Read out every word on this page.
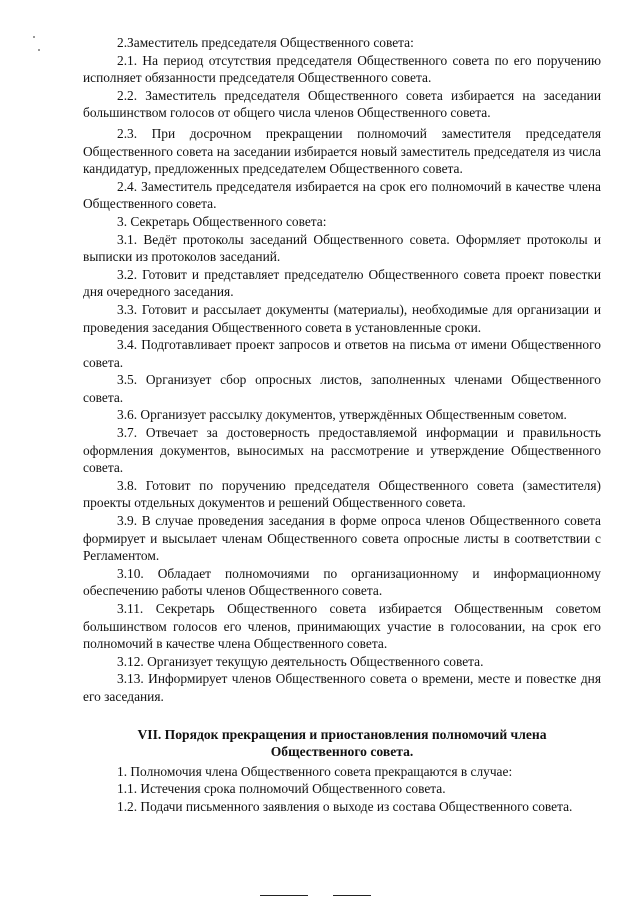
2.Заместитель председателя Общественного совета:

2.1. На период отсутствия председателя Общественного совета по его поручению исполняет обязанности председателя Общественного совета.

2.2. Заместитель председателя Общественного совета избирается на заседании большинством голосов от общего числа членов Общественного совета.

2.3. При досрочном прекращении полномочий заместителя председателя Общественного совета на заседании избирается новый заместитель председателя из числа кандидатур, предложенных председателем Общественного совета.

2.4. Заместитель председателя избирается на срок его полномочий в качестве члена Общественного совета.

3. Секретарь Общественного совета:

3.1. Ведёт протоколы заседаний Общественного совета. Оформляет протоколы и выписки из протоколов заседаний.

3.2. Готовит и представляет председателю Общественного совета проект повестки дня очередного заседания.

3.3. Готовит и рассылает документы (материалы), необходимые для организации и проведения заседания Общественного совета в установленные сроки.

3.4. Подготавливает проект запросов и ответов на письма от имени Общественного совета.

3.5. Организует сбор опросных листов, заполненных членами Общественного совета.

3.6. Организует рассылку документов, утверждённых Общественным советом.

3.7. Отвечает за достоверность предоставляемой информации и правильность оформления документов, выносимых на рассмотрение и утверждение Общественного совета.

3.8. Готовит по поручению председателя Общественного совета (заместителя) проекты отдельных документов и решений Общественного совета.

3.9. В случае проведения заседания в форме опроса членов Общественного совета формирует и высылает членам Общественного совета опросные листы в соответствии с Регламентом.

3.10. Обладает полномочиями по организационному и информационному обеспечению работы членов Общественного совета.

3.11. Секретарь Общественного совета избирается Общественным советом большинством голосов его членов, принимающих участие в голосовании, на срок его полномочий в качестве члена Общественного совета.

3.12. Организует текущую деятельность Общественного совета.

3.13. Информирует членов Общественного совета о времени, месте и повестке дня его заседания.

VII. Порядок прекращения и приостановления полномочий члена Общественного совета.

1. Полномочия члена Общественного совета прекращаются в случае:

1.1. Истечения срока полномочий Общественного совета.

1.2. Подачи письменного заявления о выходе из состава Общественного совета.
